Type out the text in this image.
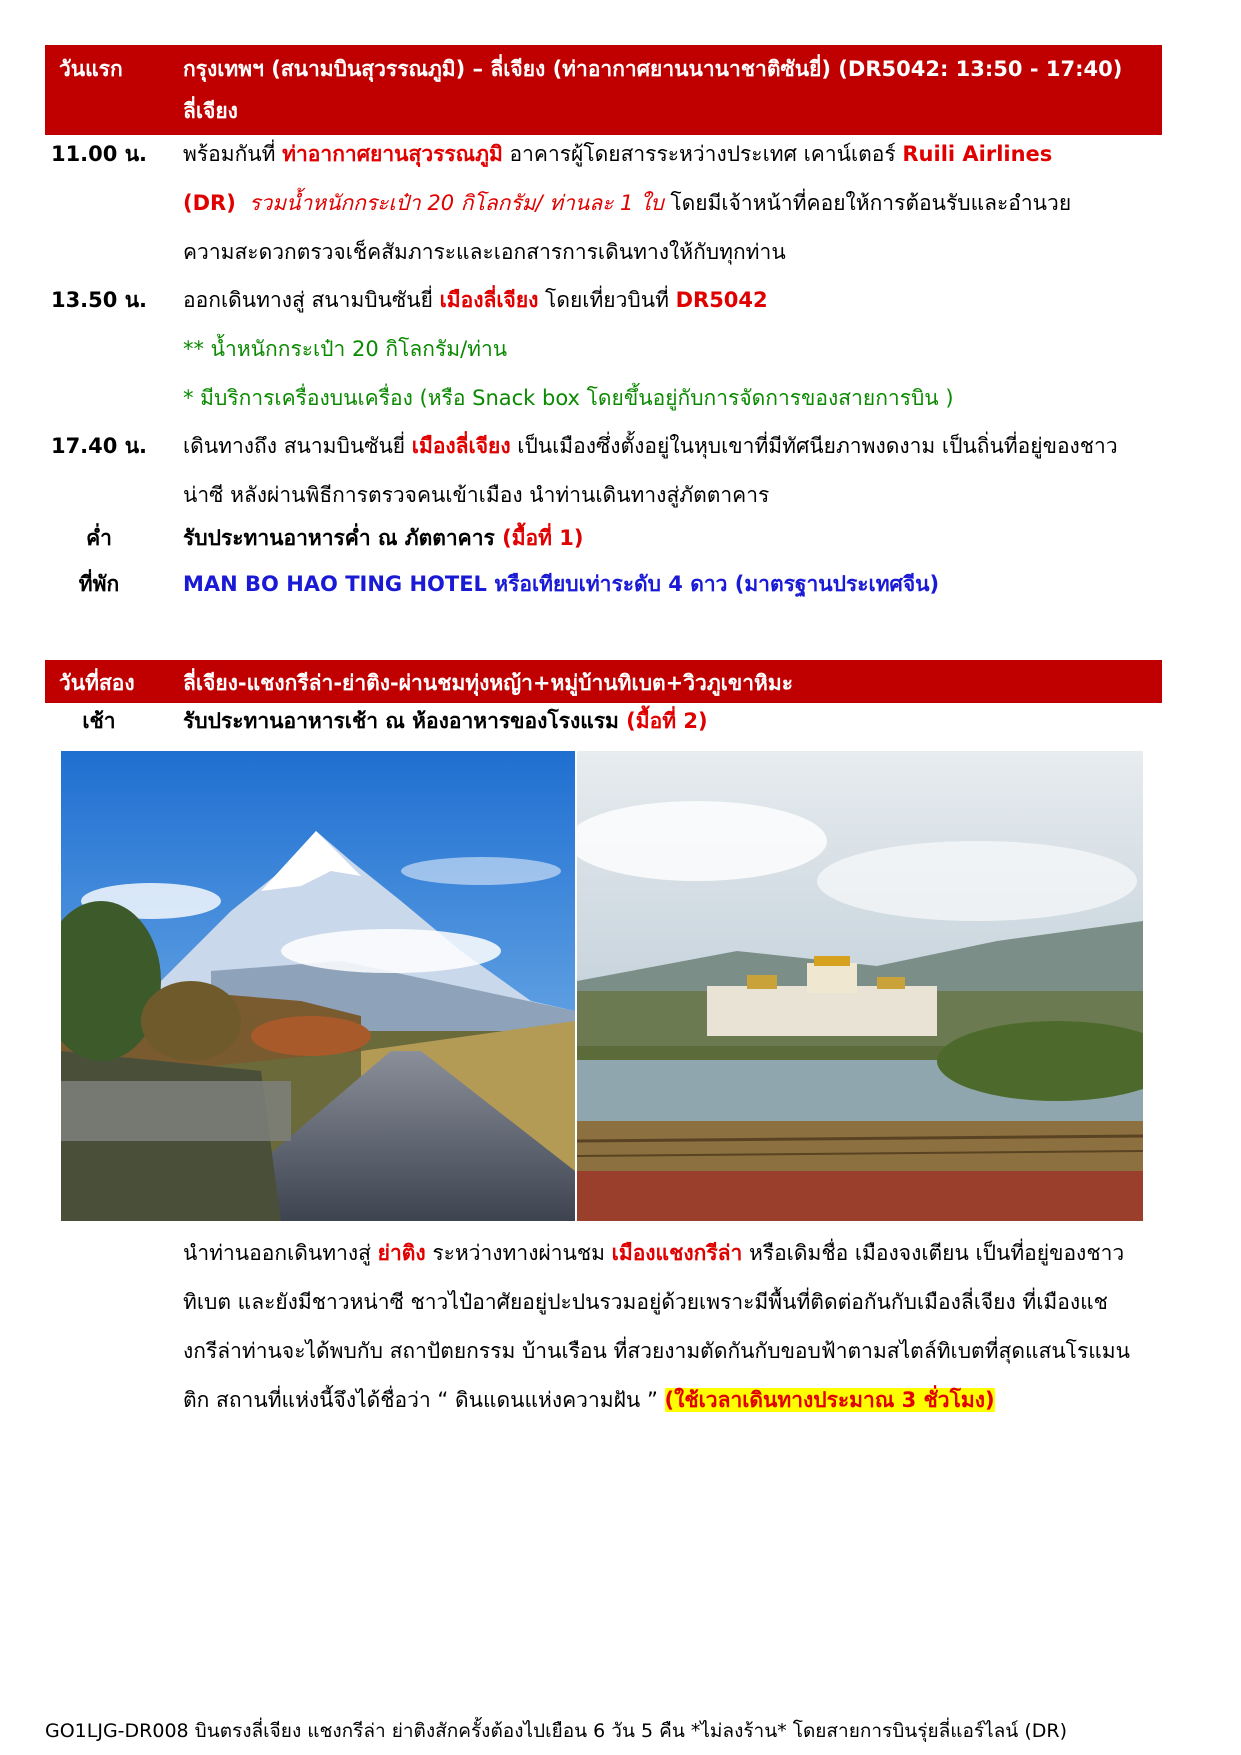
วันแรก	กรุงเทพฯ (สนามบินสุวรรณภูมิ) – ลี่เจียง (ท่าอากาศยานนานาชาติซันยี่) (DR5042: 13:50 - 17:40)
ลี่เจียง
11.00 น. พร้อมกันที่ ท่าอากาศยานสุวรรณภูมิ อาคารผู้โดยสารระหว่างประเทศ เคาน์เตอร์ Ruili Airlines
(DR) รวมน้ำหนักกระเป๋า 20 กิโลกรัม/ ท่านละ 1 ใบ โดยมีเจ้าหน้าที่คอยให้การต้อนรับและอำนวย
ความสะดวกตรวจเช็คสัมภาระและเอกสารการเดินทางให้กับทุกท่าน
13.50 น. ออกเดินทางสู่ สนามบินซันยี่ เมืองลี่เจียง โดยเที่ยวบินที่ DR5042
** น้ำหนักกระเป๋า 20 กิโลกรัม/ท่าน
* มีบริการเครื่องบนเครื่อง (หรือ Snack box โดยขึ้นอยู่กับการจัดการของสายการบิน )
17.40 น. เดินทางถึง สนามบินซันยี่ เมืองลี่เจียง เป็นเมืองซึ่งตั้งอยู่ในหุบเขาที่มีทัศนียภาพงดงาม เป็นถิ่นที่อยู่ของชาว
น่าซี หลังผ่านพิธีการตรวจคนเข้าเมือง นำท่านเดินทางสู่ภัตตาคาร
ค่ำ	รับประทานอาหารค่ำ ณ ภัตตาคาร (มื้อที่ 1)
ที่พัก	MAN BO HAO TING HOTEL หรือเทียบเท่าระดับ 4 ดาว (มาตรฐานประเทศจีน)
วันที่สอง ลี่เจียง-แชงกรีล่า-ย่าติง-ผ่านชมทุ่งหญ้า+หมู่บ้านทิเบต+วิวภูเขาหิมะ
เช้า	รับประทานอาหารเช้า ณ ห้องอาหารของโรงแรม (มื้อที่ 2)
นำท่านออกเดินทางสู่ ย่าติง ระหว่างทางผ่านชม เมืองแชงกรีล่า หรือเดิมชื่อ เมืองจงเตียน เป็นที่อยู่ของชาว
ทิเบต และยังมีชาวหน่าซี ชาวไป๋อาศัยอยู่ปะปนรวมอยู่ด้วยเพราะมีพื้นที่ติดต่อกันกับเมืองลี่เจียง ที่เมืองแช
งกรีล่าท่านจะได้พบกับ สถาปัตยกรรม บ้านเรือน ที่สวยงามตัดกันกับขอบฟ้าตามสไตล์ทิเบตที่สุดแสนโรแมน
ติก สถานที่แห่งนี้จึงได้ชื่อว่า “ ดินแดนแห่งความฝัน ” (ใช้เวลาเดินทางประมาณ 3 ชั่วโมง)
GO1LJG-DR008 บินตรงลี่เจียง แชงกรีล่า ย่าติงสักครั้งต้องไปเยือน 6 วัน 5 คืน *ไม่ลงร้าน* โดยสายการบินรุ่ยลี่แอร์ไลน์ (DR)
